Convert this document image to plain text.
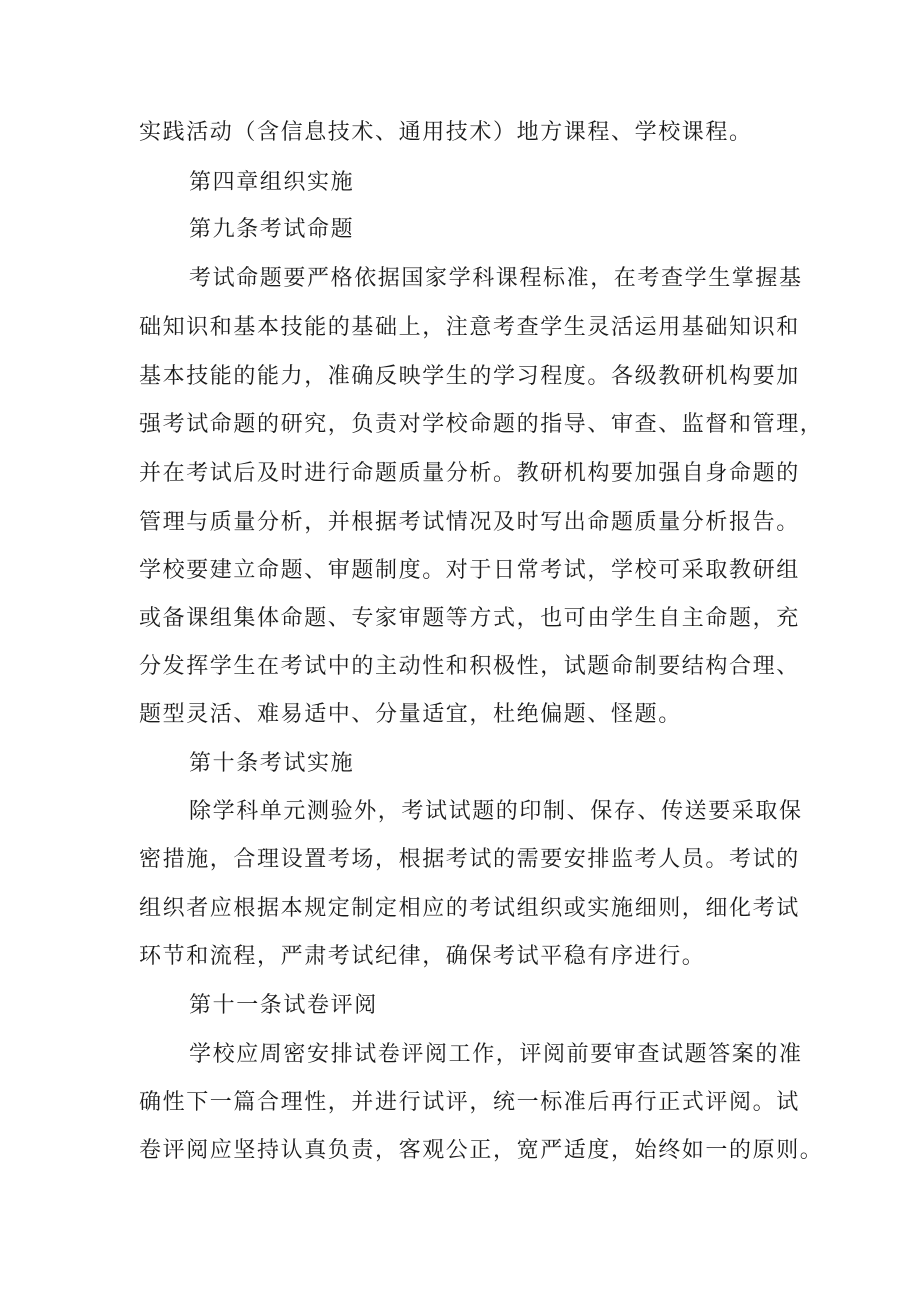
实践活动（含信息技术、通用技术）地方课程、学校课程。
第四章组织实施
第九条考试命题
考试命题要严格依据国家学科课程标准，在考查学生掌握基
础知识和基本技能的基础上，注意考查学生灵活运用基础知识和
基本技能的能力，准确反映学生的学习程度。各级教研机构要加
强考试命题的研究，负责对学校命题的指导、审查、监督和管理，
并在考试后及时进行命题质量分析。教研机构要加强自身命题的
管理与质量分析，并根据考试情况及时写出命题质量分析报告。
学校要建立命题、审题制度。对于日常考试，学校可采取教研组
或备课组集体命题、专家审题等方式，也可由学生自主命题，充
分发挥学生在考试中的主动性和积极性，试题命制要结构合理、
题型灵活、难易适中、分量适宜，杜绝偏题、怪题。
第十条考试实施
除学科单元测验外，考试试题的印制、保存、传送要采取保
密措施，合理设置考场，根据考试的需要安排监考人员。考试的
组织者应根据本规定制定相应的考试组织或实施细则，细化考试
环节和流程，严肃考试纪律，确保考试平稳有序进行。
第十一条试卷评阅
学校应周密安排试卷评阅工作，评阅前要审查试题答案的准
确性下一篇合理性，并进行试评，统一标准后再行正式评阅。试
卷评阅应坚持认真负责，客观公正，宽严适度，始终如一的原则。
